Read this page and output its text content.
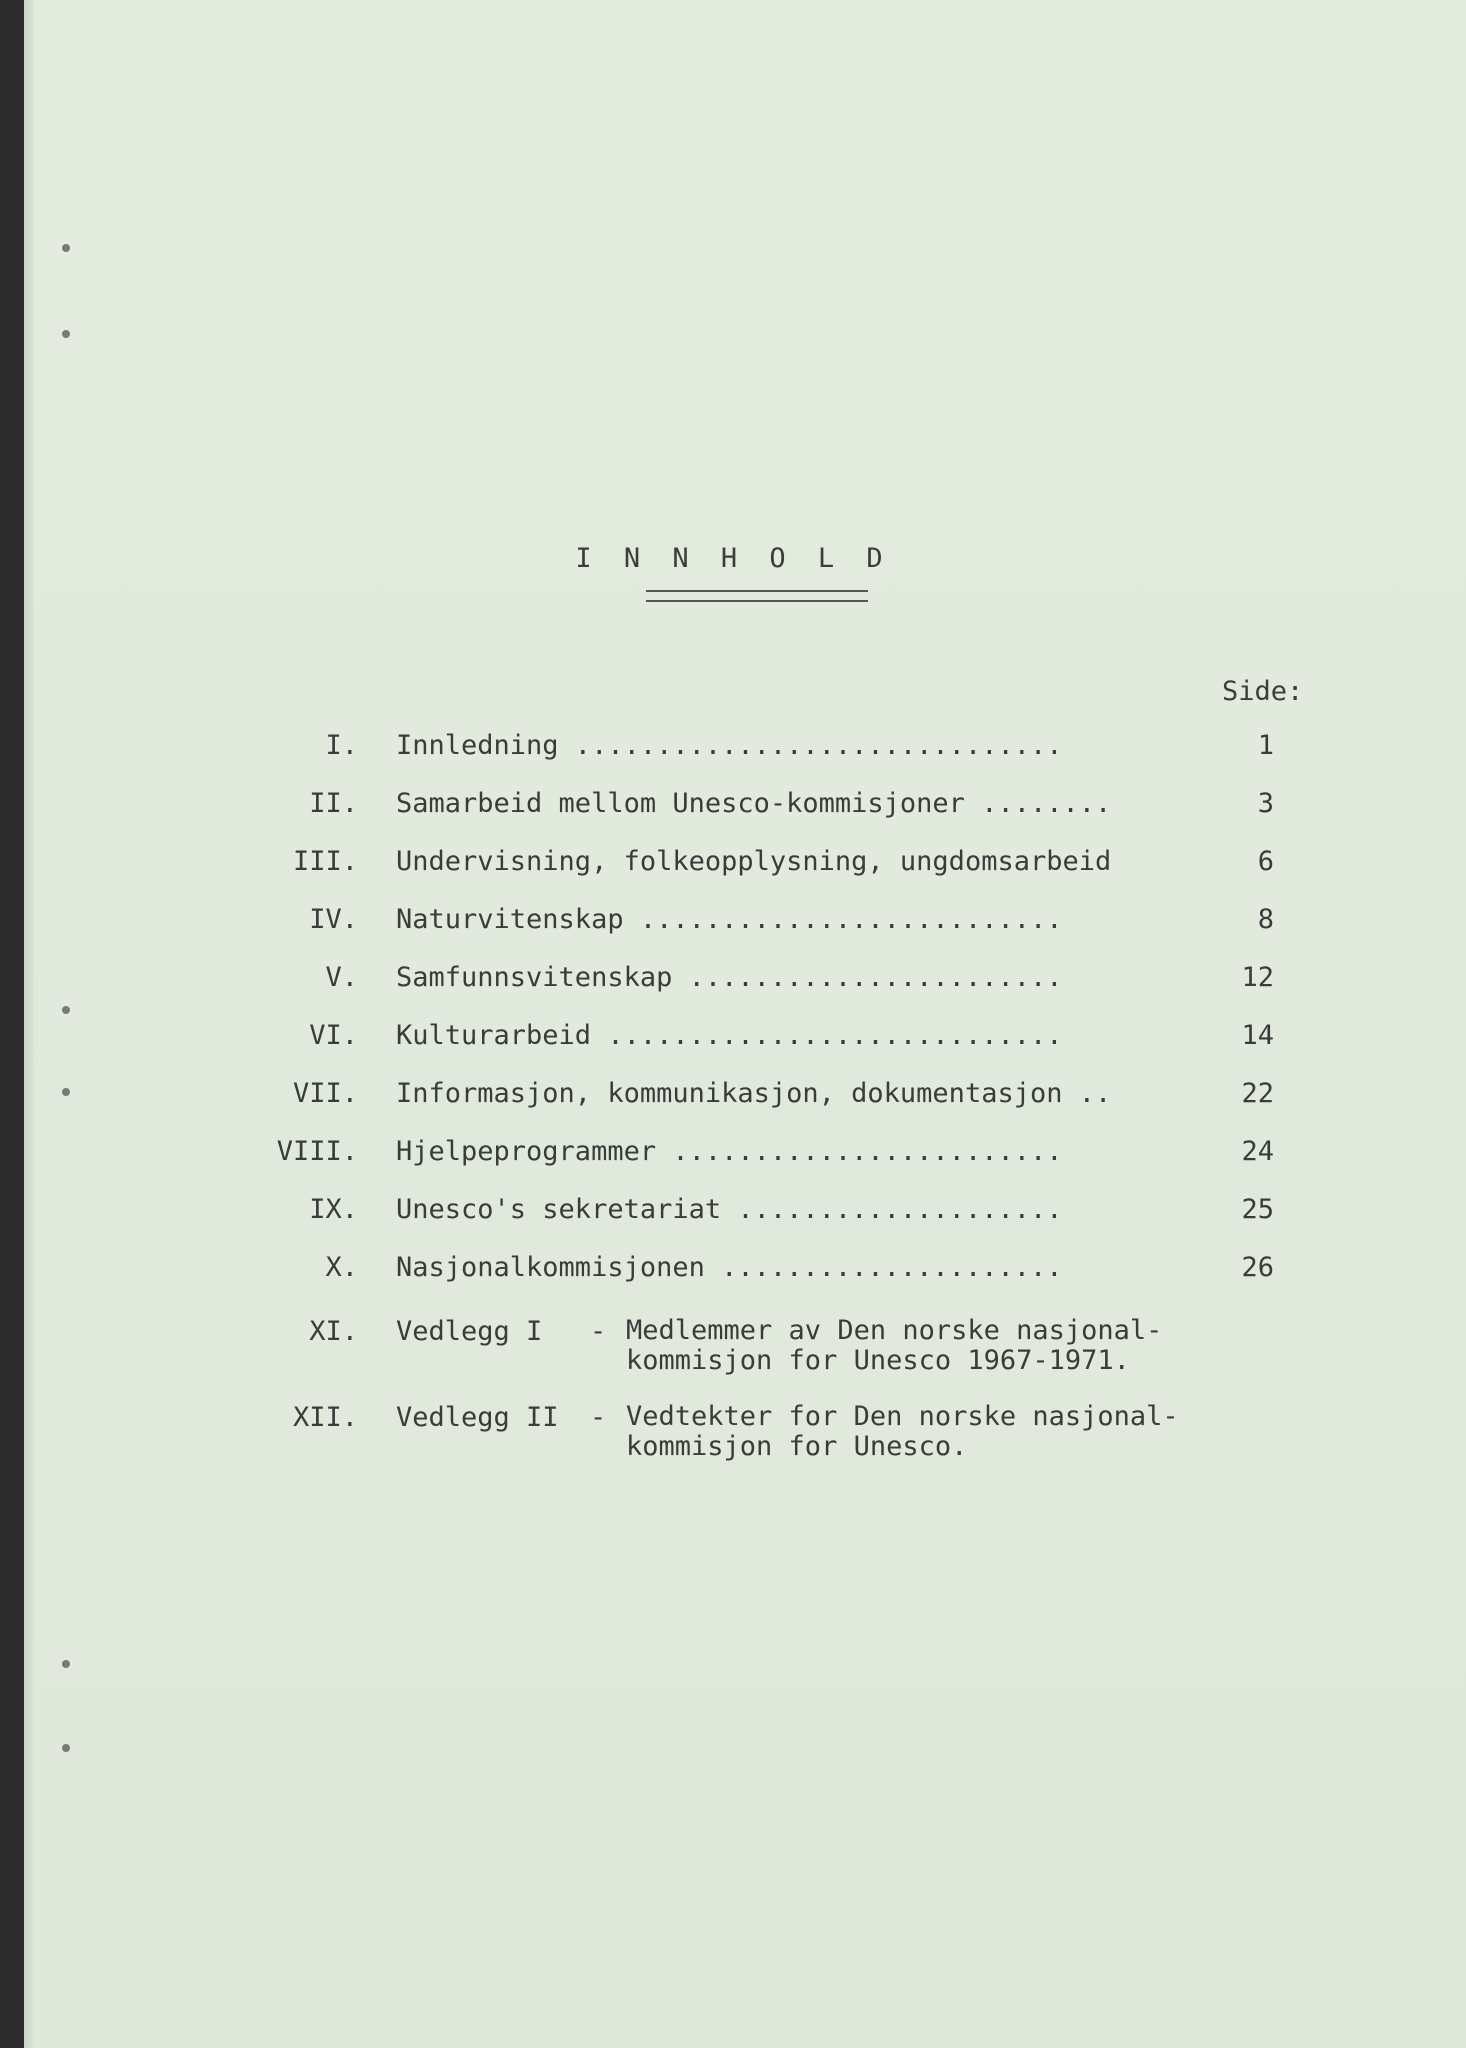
I N N H O L D
Side:
I. Innledning ..............................	1
II. Samarbeid mellom Unesco-kommisjoner ........	3
III. Undervisning, folkeopplysning, ungdomsarbeid	6
IV. Naturvitenskap ..........................	8
V. Samfunnsvitenskap .......................	12
VI. Kulturarbeid ............................	14
VII. Informasjon, kommunikasjon, dokumentasjon ..	22
VIII. Hjelpeprogrammer ........................	24
IX. Unesco's sekretariat ....................	25
X. Nasjonalkommisjonen .....................	26
XI. Vedlegg I - Medlemmer av Den norske nasjonal-
kommisjon for Unesco 1967-1971.
XII. Vedlegg II - Vedtekter for Den norske nasjonal-
kommisjon for Unesco.
